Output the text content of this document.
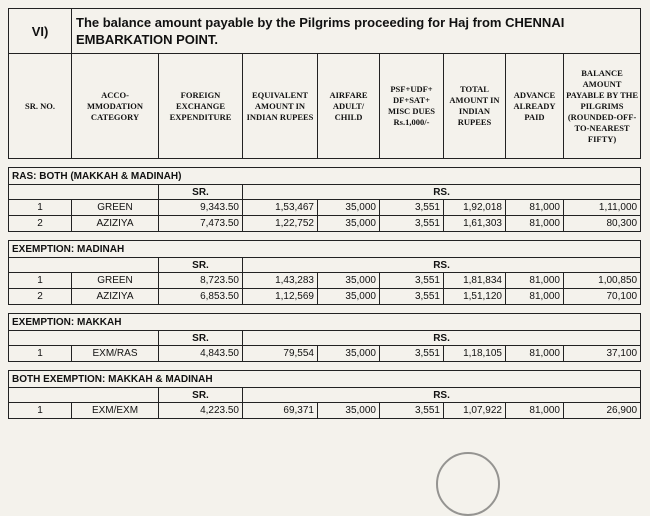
VI)	The balance amount payable by the Pilgrims proceeding for Haj from CHENNAI EMBARKATION POINT.							
SR. NO.	ACCO-MMODATION CATEGORY	FOREIGN EXCHANGE EXPENDITURE	EQUIVALENT AMOUNT IN INDIAN RUPEES	AIRFARE ADULT/ CHILD	PSF+UDF+ DF+SAT+ MISC DUES Rs.1,000/-	TOTAL AMOUNT IN INDIAN RUPEES	ADVANCE ALREADY PAID	BALANCE AMOUNT PAYABLE BY THE PILGRIMS (ROUNDED-OFF-TO-NEAREST FIFTY)

RAS: BOTH (MAKKAH & MADINAH)								
		SR.	RS.					
1	GREEN	9,343.50	1,53,467	35,000	3,551	1,92,018	81,000	1,11,000
2	AZIZIYA	7,473.50	1,22,752	35,000	3,551	1,61,303	81,000	80,300

EXEMPTION: MADINAH								
		SR.	RS.					
1	GREEN	8,723.50	1,43,283	35,000	3,551	1,81,834	81,000	1,00,850
2	AZIZIYA	6,853.50	1,12,569	35,000	3,551	1,51,120	81,000	70,100

EXEMPTION: MAKKAH								
		SR.	RS.					
1	EXM/RAS	4,843.50	79,554	35,000	3,551	1,18,105	81,000	37,100

BOTH EXEMPTION: MAKKAH & MADINAH								
		SR.	RS.					
1	EXM/EXM	4,223.50	69,371	35,000	3,551	1,07,922	81,000	26,900
